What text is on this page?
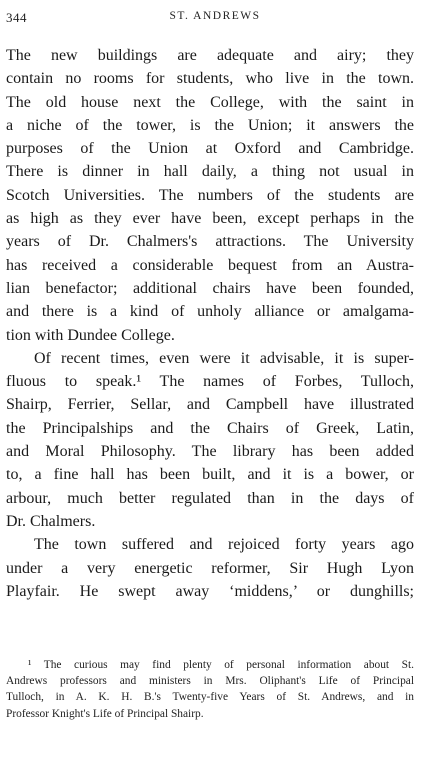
344	ST. ANDREWS
The new buildings are adequate and airy; they
contain no rooms for students, who live in the town.
The old house next the College, with the saint in
a niche of the tower, is the Union; it answers the
purposes of the Union at Oxford and Cambridge.
There is dinner in hall daily, a thing not usual in
Scotch Universities. The numbers of the students are
as high as they ever have been, except perhaps in the
years of Dr. Chalmers's attractions. The University
has received a considerable bequest from an Austra-
lian benefactor; additional chairs have been founded,
and there is a kind of unholy alliance or amalgama-
tion with Dundee College.
Of recent times, even were it advisable, it is super-
fluous to speak.¹ The names of Forbes, Tulloch,
Shairp, Ferrier, Sellar, and Campbell have illustrated
the Principalships and the Chairs of Greek, Latin,
and Moral Philosophy. The library has been added
to, a fine hall has been built, and it is a bower, or
arbour, much better regulated than in the days of
Dr. Chalmers.
The town suffered and rejoiced forty years ago
under a very energetic reformer, Sir Hugh Lyon
Playfair. He swept away ‘middens,’ or dunghills;
¹ The curious may find plenty of personal information about St.
Andrews professors and ministers in Mrs. Oliphant's Life of Principal
Tulloch, in A. K. H. B.'s Twenty-five Years of St. Andrews, and in
Professor Knight's Life of Principal Shairp.
